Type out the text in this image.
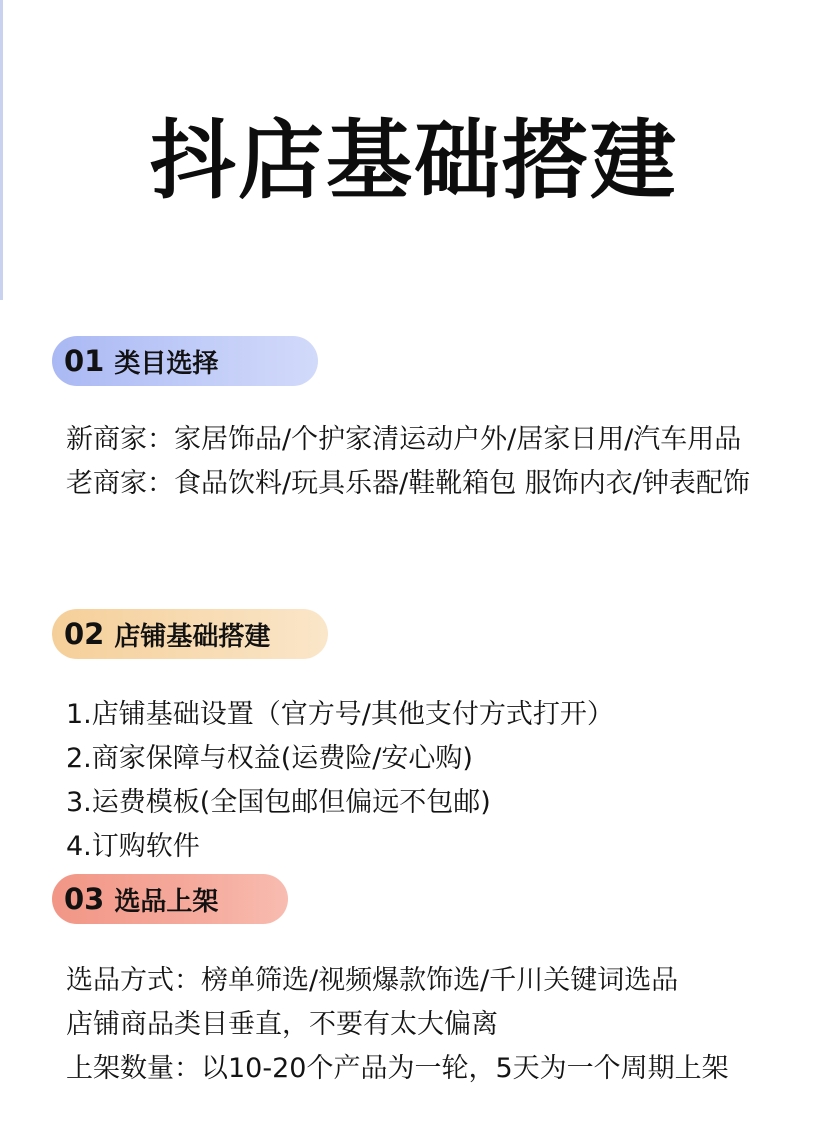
抖店基础搭建
01 类目选择

新商家：家居饰品/个护家清运动户外/居家日用/汽车用品

老商家：食品饮料/玩具乐器/鞋靴箱包 服饰内衣/钟表配饰

02 店铺基础搭建

1.店铺基础设置（官方号/其他支付方式打开）

2.商家保障与权益(运费险/安心购)

3.运费模板(全国包邮但偏远不包邮)

4.订购软件

03 选品上架

选品方式：榜单筛选/视频爆款饰选/千川关键词选品

店铺商品类目垂直，不要有太大偏离

上架数量：以10-20个产品为一轮，5天为一个周期上架
